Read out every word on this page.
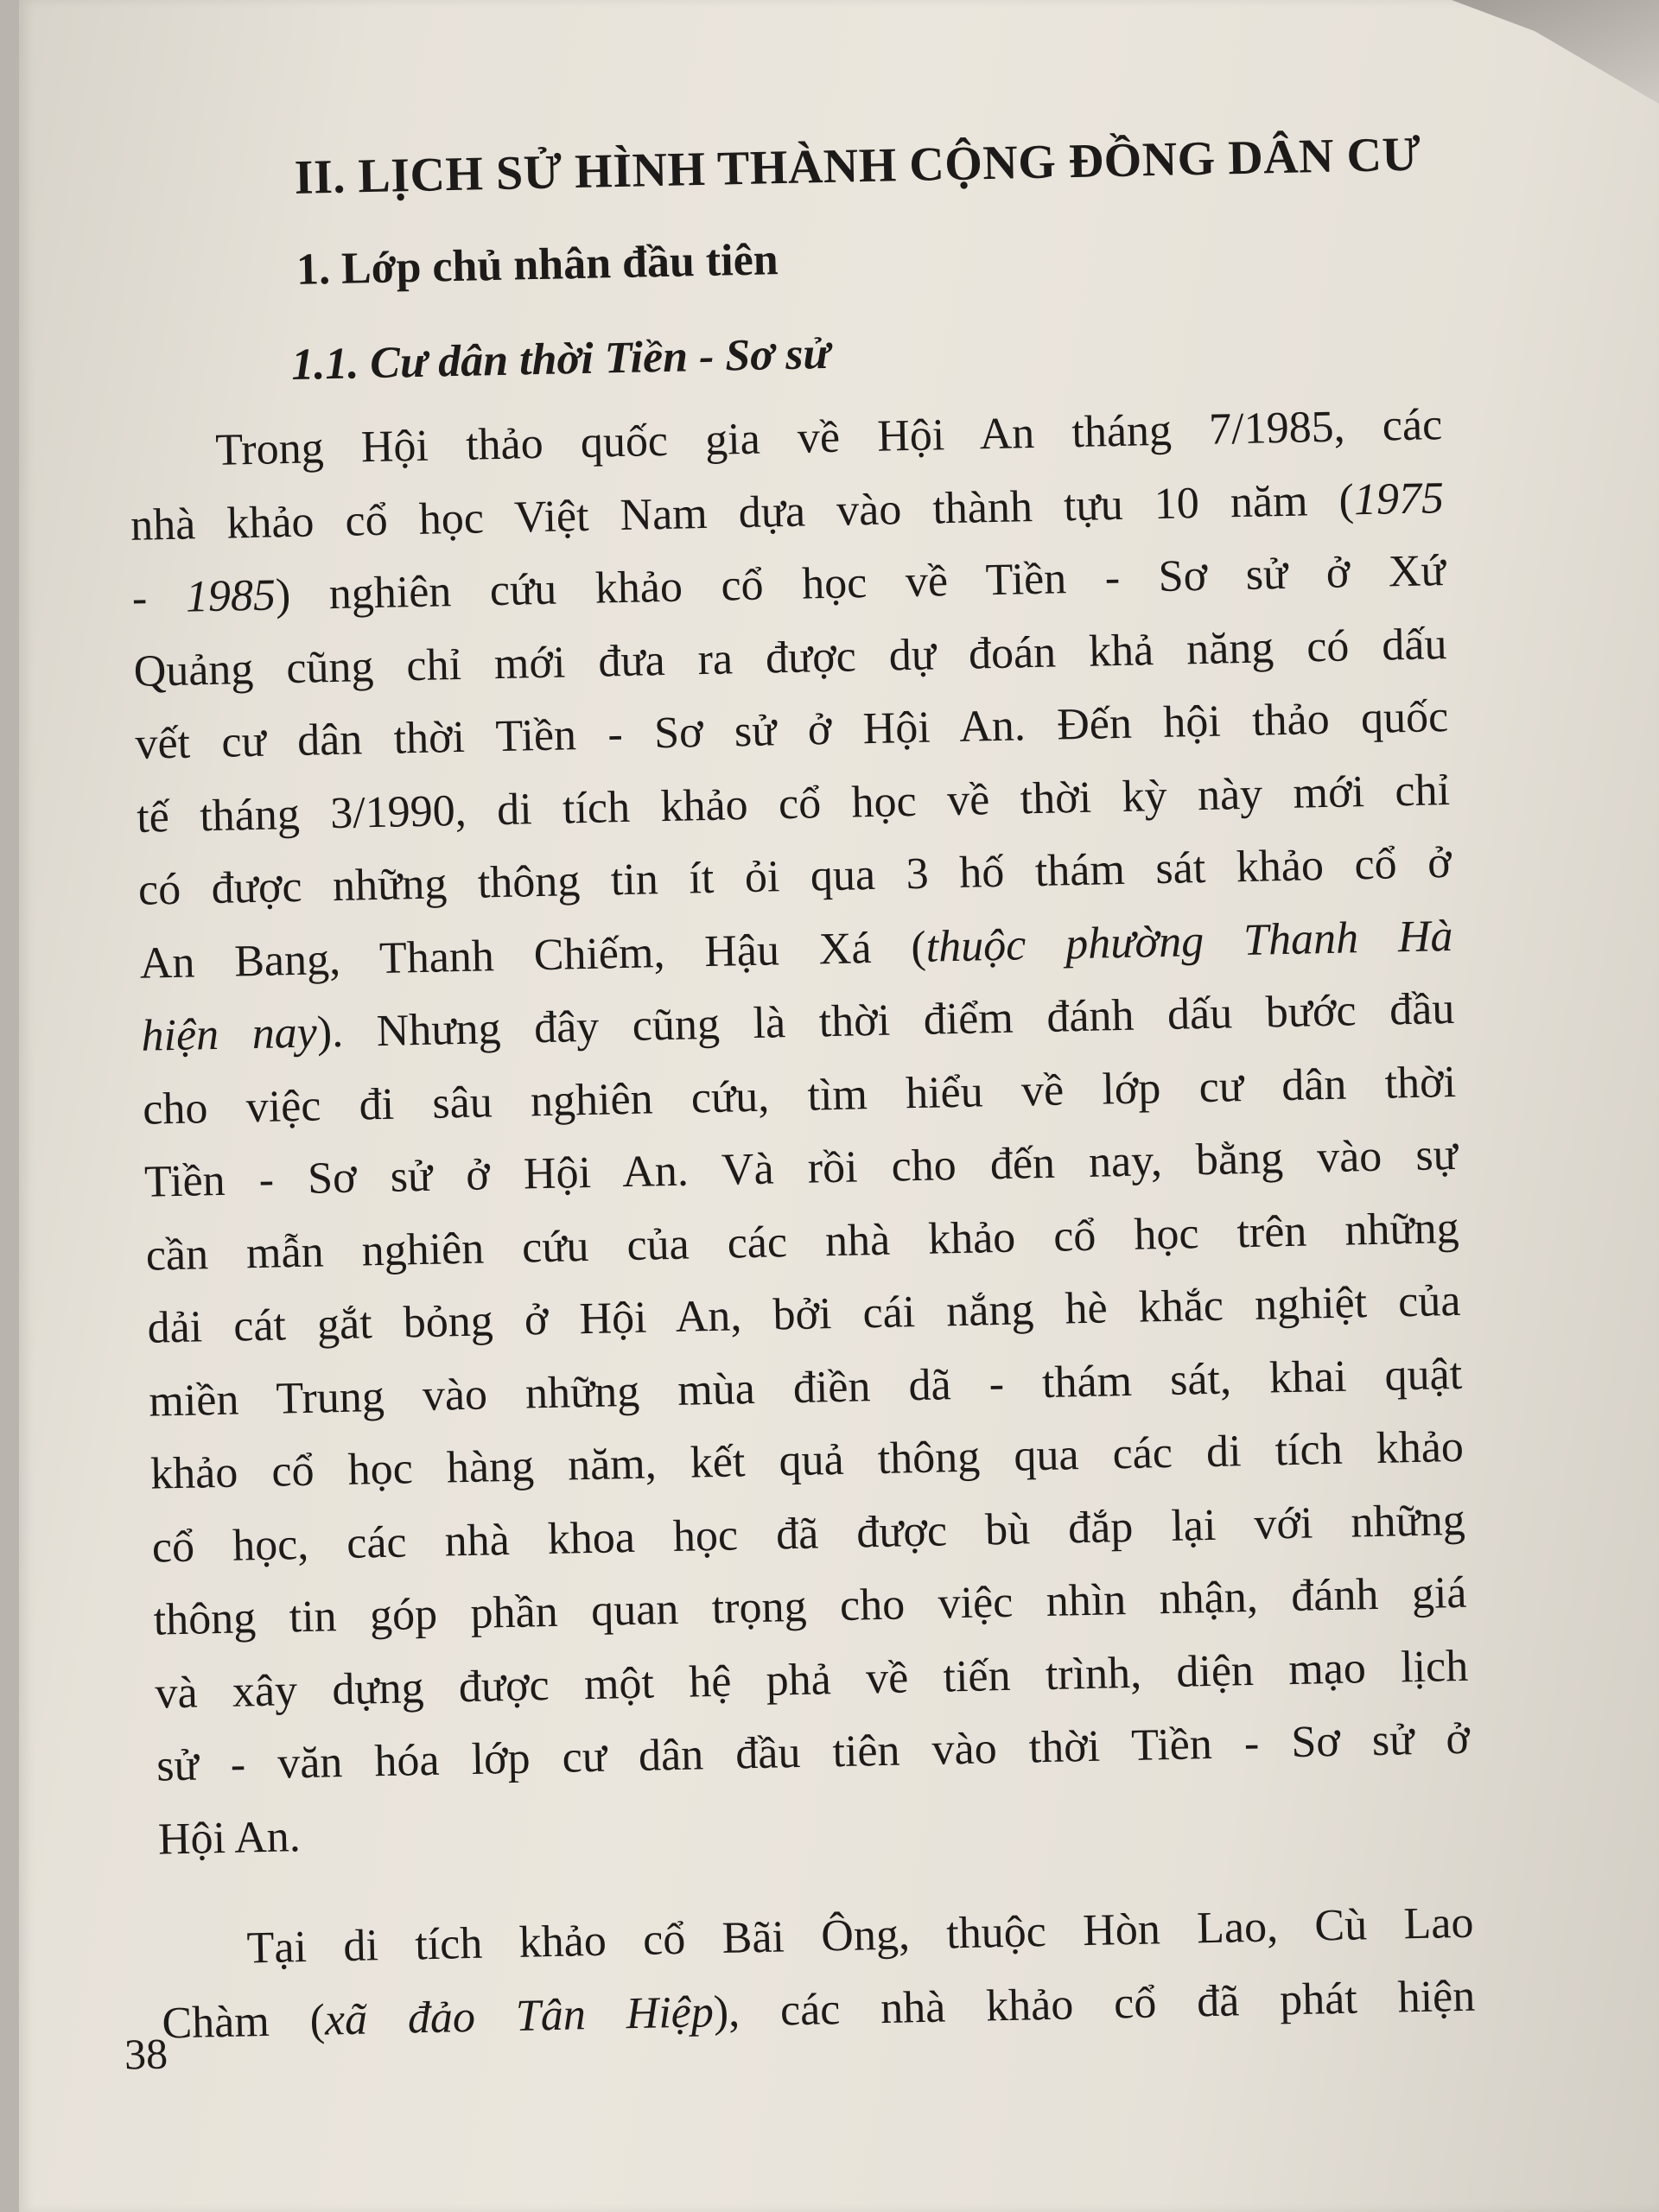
II. LỊCH SỬ HÌNH THÀNH CỘNG ĐỒNG DÂN CƯ
1. Lớp chủ nhân đầu tiên
1.1. Cư dân thời Tiền - Sơ sử
Trong Hội thảo quốc gia về Hội An tháng 7/1985, các
nhà khảo cổ học Việt Nam dựa vào thành tựu 10 năm (1975
- 1985) nghiên cứu khảo cổ học về Tiền - Sơ sử ở Xứ
Quảng cũng chỉ mới đưa ra được dự đoán khả năng có dấu
vết cư dân thời Tiền - Sơ sử ở Hội An. Đến hội thảo quốc
tế tháng 3/1990, di tích khảo cổ học về thời kỳ này mới chỉ
có được những thông tin ít ỏi qua 3 hố thám sát khảo cổ ở
An Bang, Thanh Chiếm, Hậu Xá (thuộc phường Thanh Hà
hiện nay). Nhưng đây cũng là thời điểm đánh dấu bước đầu
cho việc đi sâu nghiên cứu, tìm hiểu về lớp cư dân thời
Tiền - Sơ sử ở Hội An. Và rồi cho đến nay, bằng vào sự
cần mẫn nghiên cứu của các nhà khảo cổ học trên những
dải cát gắt bỏng ở Hội An, bởi cái nắng hè khắc nghiệt của
miền Trung vào những mùa điền dã - thám sát, khai quật
khảo cổ học hàng năm, kết quả thông qua các di tích khảo
cổ học, các nhà khoa học đã được bù đắp lại với những
thông tin góp phần quan trọng cho việc nhìn nhận, đánh giá
và xây dựng được một hệ phả về tiến trình, diện mạo lịch
sử - văn hóa lớp cư dân đầu tiên vào thời Tiền - Sơ sử ở
Hội An.
Tại di tích khảo cổ Bãi Ông, thuộc Hòn Lao, Cù Lao
Chàm (xã đảo Tân Hiệp), các nhà khảo cổ đã phát hiện
38
